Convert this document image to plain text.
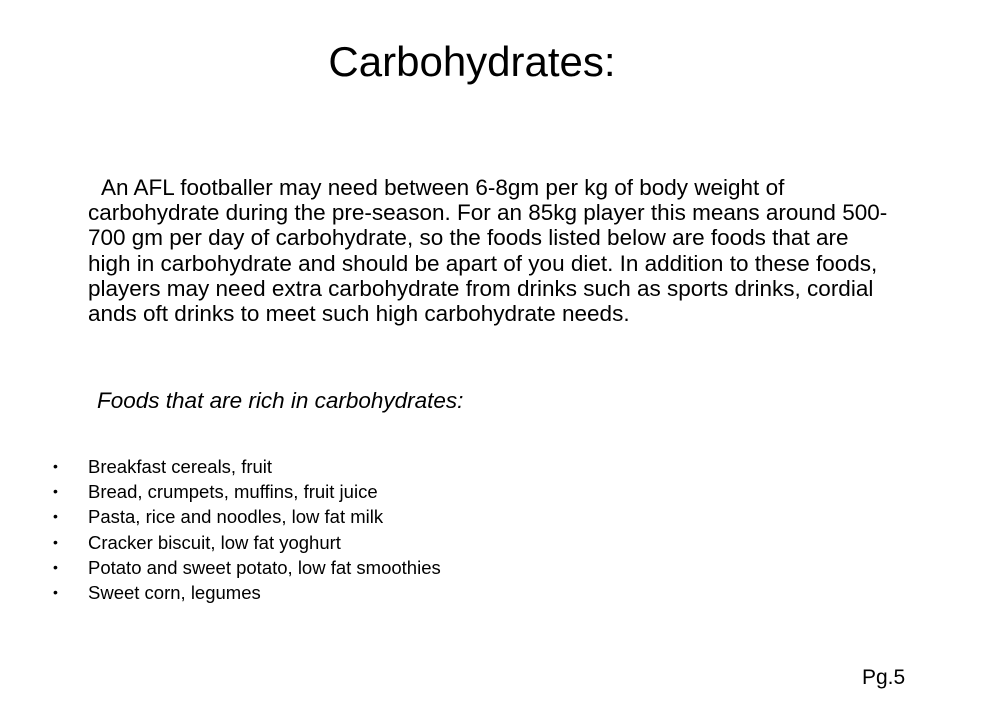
Carbohydrates:

An AFL footballer may need between 6-8gm per kg of body weight of carbohydrate during the pre-season. For an 85kg player this means around 500-700 gm per day of carbohydrate, so the foods listed below are foods that are high in carbohydrate and should be apart of you diet. In addition to these foods, players may need extra carbohydrate from drinks such as sports drinks, cordial ands oft drinks to meet such high carbohydrate needs.

Foods that are rich in carbohydrates:

• Breakfast cereals, fruit
• Bread, crumpets, muffins, fruit juice
• Pasta, rice and noodles, low fat milk
• Cracker biscuit, low fat yoghurt
• Potato and sweet potato, low fat smoothies
• Sweet corn, legumes
Pg.5
